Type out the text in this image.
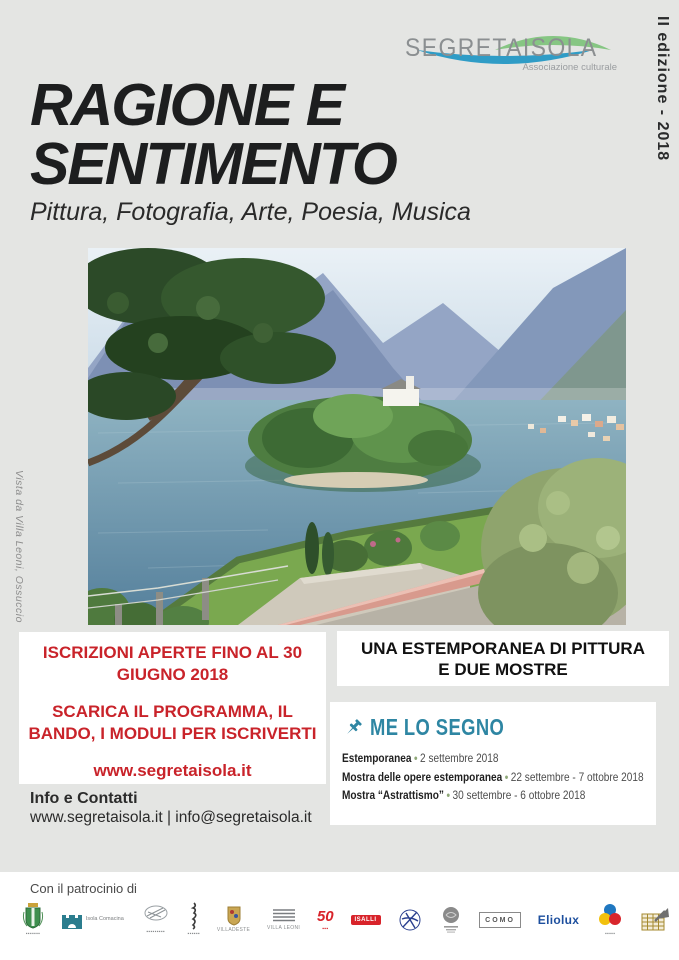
SEGRETAISOLA
Associazione culturale II edizione - 2018
RAGIONE E
SENTIMENTO
Pittura, Fotografia, Arte, Poesia, Musica
Vista da Villa Leoni, Ossuccio

ISCRIZIONI APERTE FINO AL 30 GIUGNO 2018

SCARICA IL PROGRAMMA, IL BANDO, I MODULI PER ISCRIVERTI

www.segretaisola.it

UNA ESTEMPORANEA DI PITTURA E DUE MOSTRE
ME LO SEGNO
Estemporanea • 2 settembre 2018
Mostra delle opere estemporanea • 22 settembre - 7 ottobre 2018
Mostra “Astrattismo” • 30 settembre - 6 ottobre 2018
Info e Contatti
www.segretaisola.it | info@segretaisola.it
Con il patrocinio di
▪▪▪▪▪▪▪
Isola Comacina
▪▪▪▪▪▪▪▪▪	▪▪▪▪▪▪
VILLADESTE	VILLA LEONI
50
▪▪▪
ISALLI	COMO	Eliolux
▪▪▪▪▪
